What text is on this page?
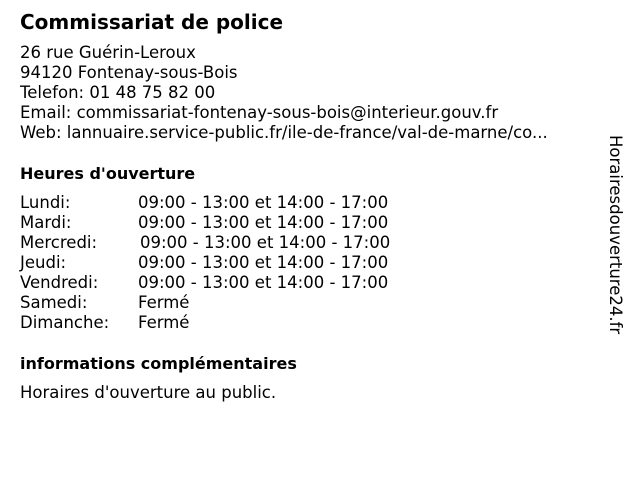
Commissariat de police
26 rue Guérin-Leroux
94120 Fontenay-sous-Bois
Telefon: 01 48 75 82 00
Email: commissariat-fontenay-sous-bois@interieur.gouv.fr
Web: lannuaire.service-public.fr/ile-de-france/val-de-marne/co...
Heures d'ouverture
Lundi:	09:00 - 13:00 et 14:00 - 17:00
Mardi:	09:00 - 13:00 et 14:00 - 17:00
Mercredi:	09:00 - 13:00 et 14:00 - 17:00
Jeudi:	09:00 - 13:00 et 14:00 - 17:00
Vendredi: 09:00 - 13:00 et 14:00 - 17:00
Samedi:	Fermé
Dimanche: Fermé
informations complémentaires
Horaires d'ouverture au public.
Horairesdouverture24.fr
